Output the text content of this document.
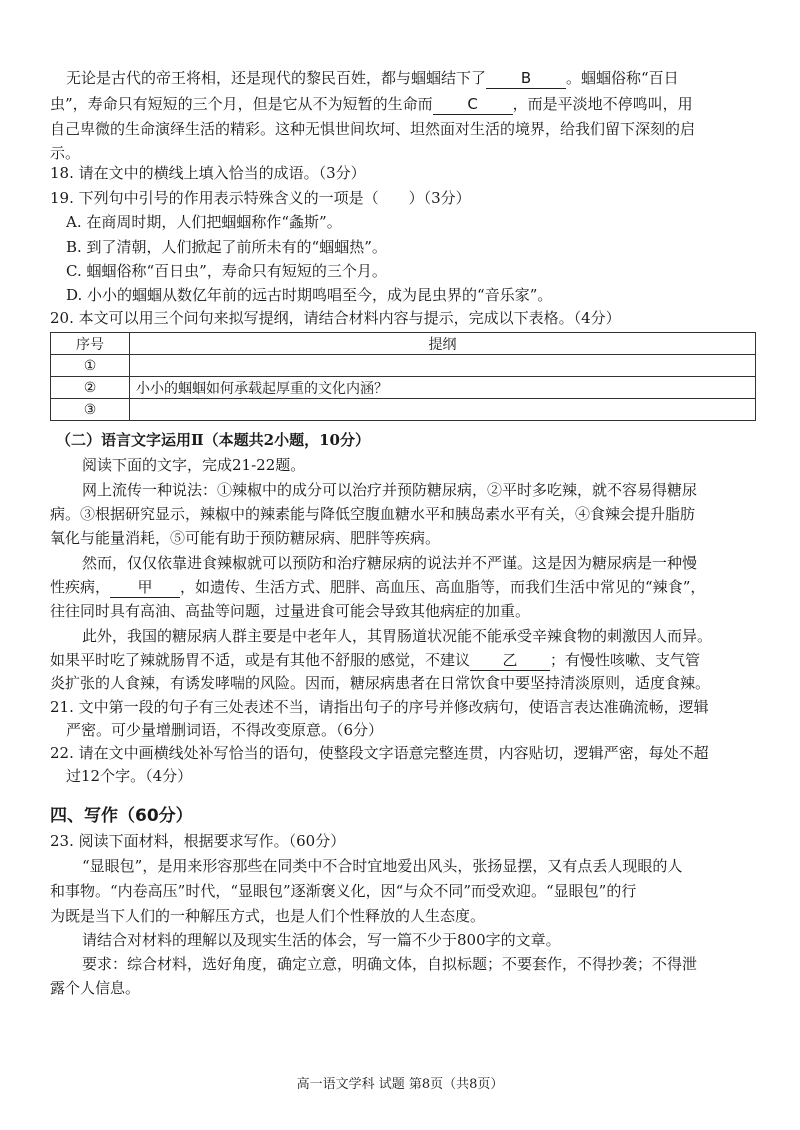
无论是古代的帝王将相，还是现代的黎民百姓，都与蝈蝈结下了 B 。蝈蝈俗称“百日
虫”，寿命只有短短的三个月，但是它从不为短暂的生命而 C ，而是平淡地不停鸣叫，用
自己卑微的生命演绎生活的精彩。这种无惧世间坎坷、坦然面对生活的境界，给我们留下深刻的启
示。
18. 请在文中的横线上填入恰当的成语。（3分）
19. 下列句中引号的作用表示特殊含义的一项是（　　）（3分）
A. 在商周时期，人们把蝈蝈称作“螽斯”。
B. 到了清朝，人们掀起了前所未有的“蝈蝈热”。
C. 蝈蝈俗称“百日虫”，寿命只有短短的三个月。
D. 小小的蝈蝈从数亿年前的远古时期鸣唱至今，成为昆虫界的“音乐家”。
20. 本文可以用三个问句来拟写提纲，请结合材料内容与提示，完成以下表格。（4分）
序号	提纲
①	
②	小小的蝈蝈如何承载起厚重的文化内涵？
③	
（二）语言文字运用Ⅱ（本题共2小题，10分）
阅读下面的文字，完成21-22题。
网上流传一种说法：①辣椒中的成分可以治疗并预防糖尿病，②平时多吃辣，就不容易得糖尿
病。③根据研究显示，辣椒中的辣素能与降低空腹血糖水平和胰岛素水平有关，④食辣会提升脂肪
氧化与能量消耗，⑤可能有助于预防糖尿病、肥胖等疾病。
然而，仅仅依靠进食辣椒就可以预防和治疗糖尿病的说法并不严谨。这是因为糖尿病是一种慢
性疾病， 甲 ，如遗传、生活方式、肥胖、高血压、高血脂等，而我们生活中常见的“辣食”，
往往同时具有高油、高盐等问题，过量进食可能会导致其他病症的加重。
此外，我国的糖尿病人群主要是中老年人，其胃肠道状况能不能承受辛辣食物的刺激因人而异。
如果平时吃了辣就肠胃不适，或是有其他不舒服的感觉，不建议 乙 ；有慢性咳嗽、支气管
炎扩张的人食辣，有诱发哮喘的风险。因而，糖尿病患者在日常饮食中要坚持清淡原则，适度食辣。
21. 文中第一段的句子有三处表述不当，请指出句子的序号并修改病句，使语言表达准确流畅，逻辑
严密。可少量增删词语，不得改变原意。（6分）
22. 请在文中画横线处补写恰当的语句，使整段文字语意完整连贯，内容贴切，逻辑严密，每处不超
过12个字。（4分）
四、写作（60分）
23. 阅读下面材料，根据要求写作。（60分）
“显眼包”，是用来形容那些在同类中不合时宜地爱出风头，张扬显摆，又有点丢人现眼的人
和事物。“内卷高压”时代，“显眼包”逐渐褒义化，因“与众不同”而受欢迎。“显眼包”的行
为既是当下人们的一种解压方式，也是人们个性释放的人生态度。
请结合对材料的理解以及现实生活的体会，写一篇不少于800字的文章。
要求：综合材料，选好角度，确定立意，明确文体，自拟标题；不要套作，不得抄袭；不得泄
露个人信息。
高一语文学科 试题 第8页（共8页）
